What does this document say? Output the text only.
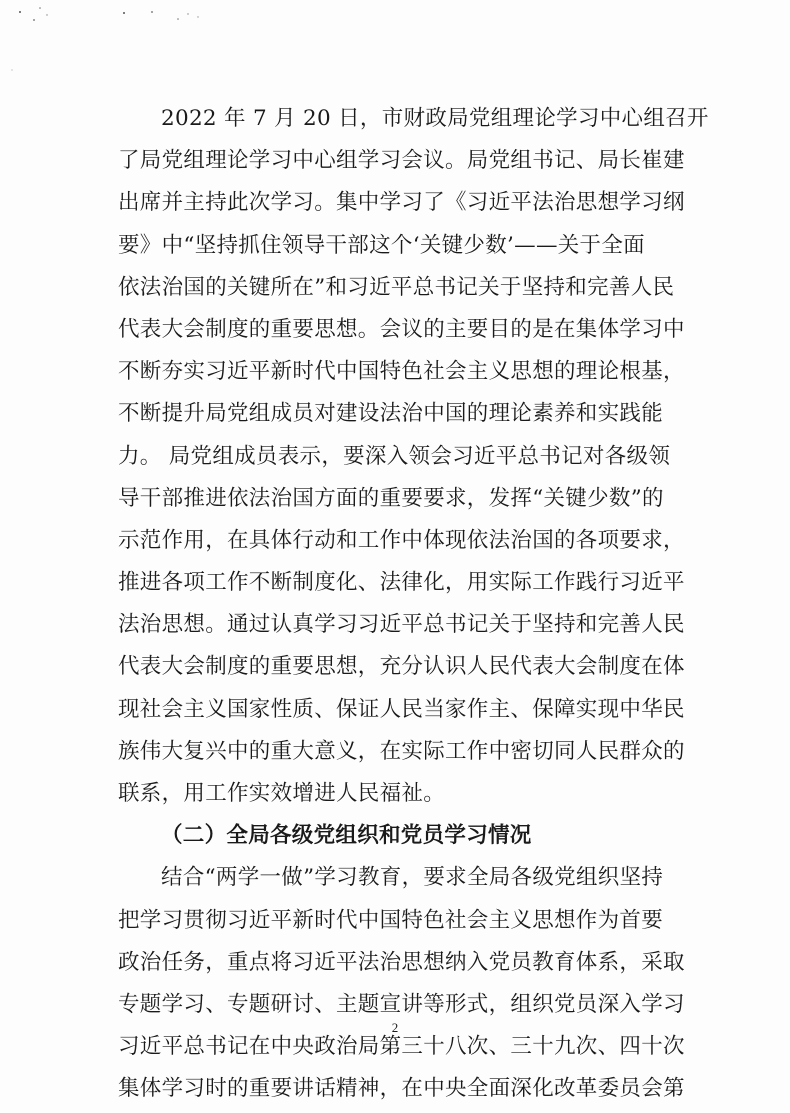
2022 年 7 月 20 日，市财政局党组理论学习中心组召开
了局党组理论学习中心组学习会议。局党组书记、局长崔建
出席并主持此次学习。集中学习了《习近平法治思想学习纲
要》中“坚持抓住领导干部这个‘关键少数’——关于全面
依法治国的关键所在”和习近平总书记关于坚持和完善人民
代表大会制度的重要思想。会议的主要目的是在集体学习中
不断夯实习近平新时代中国特色社会主义思想的理论根基，
不断提升局党组成员对建设法治中国的理论素养和实践能
力。 局党组成员表示，要深入领会习近平总书记对各级领
导干部推进依法治国方面的重要要求，发挥“关键少数”的
示范作用，在具体行动和工作中体现依法治国的各项要求，
推进各项工作不断制度化、法律化，用实际工作践行习近平
法治思想。通过认真学习习近平总书记关于坚持和完善人民
代表大会制度的重要思想，充分认识人民代表大会制度在体
现社会主义国家性质、保证人民当家作主、保障实现中华民
族伟大复兴中的重大意义，在实际工作中密切同人民群众的
联系，用工作实效增进人民福祉。
（二）全局各级党组织和党员学习情况
结合“两学一做”学习教育，要求全局各级党组织坚持
把学习贯彻习近平新时代中国特色社会主义思想作为首要
政治任务，重点将习近平法治思想纳入党员教育体系，采取
专题学习、专题研讨、主题宣讲等形式，组织党员深入学习
习近平总书记在中央政治局第三十八次、三十九次、四十次
集体学习时的重要讲话精神，在中央全面深化改革委员会第
2
